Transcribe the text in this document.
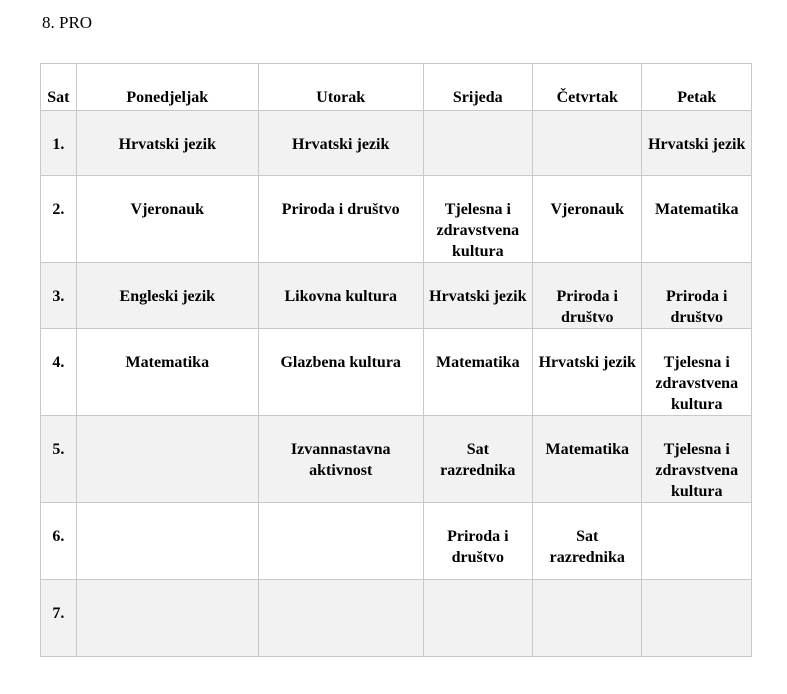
8. PRO
Sat	Ponedjeljak	Utorak	Srijeda	Četvrtak	Petak
1.	Hrvatski jezik	Hrvatski jezik			Hrvatski jezik
2.	Vjeronauk	Priroda i društvo	Tjelesna i zdravstvena kultura	Vjeronauk	Matematika
3.	Engleski jezik	Likovna kultura	Hrvatski jezik	Priroda i društvo	Priroda i društvo
4.	Matematika	Glazbena kultura	Matematika	Hrvatski jezik	Tjelesna i zdravstvena kultura
5.		Izvannastavna aktivnost	Sat razrednika	Matematika	Tjelesna i zdravstvena kultura
6.			Priroda i društvo	Sat razrednika	
7.					
